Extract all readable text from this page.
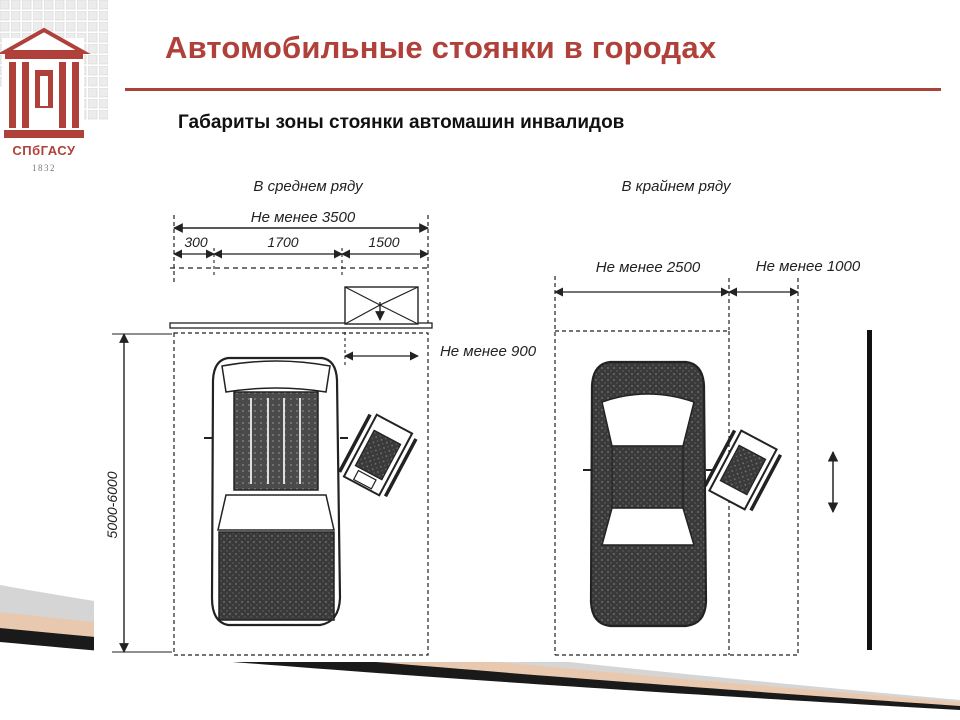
В среднем ряду
Не менее 3500
300	1700	1500
Не менее 900
5000-6000
В крайнем ряду
Не менее 2500	Не менее 1000
Автомобильные стоянки в городах
Габариты зоны стоянки автомашин инвалидов
СПбГАСУ
1832
